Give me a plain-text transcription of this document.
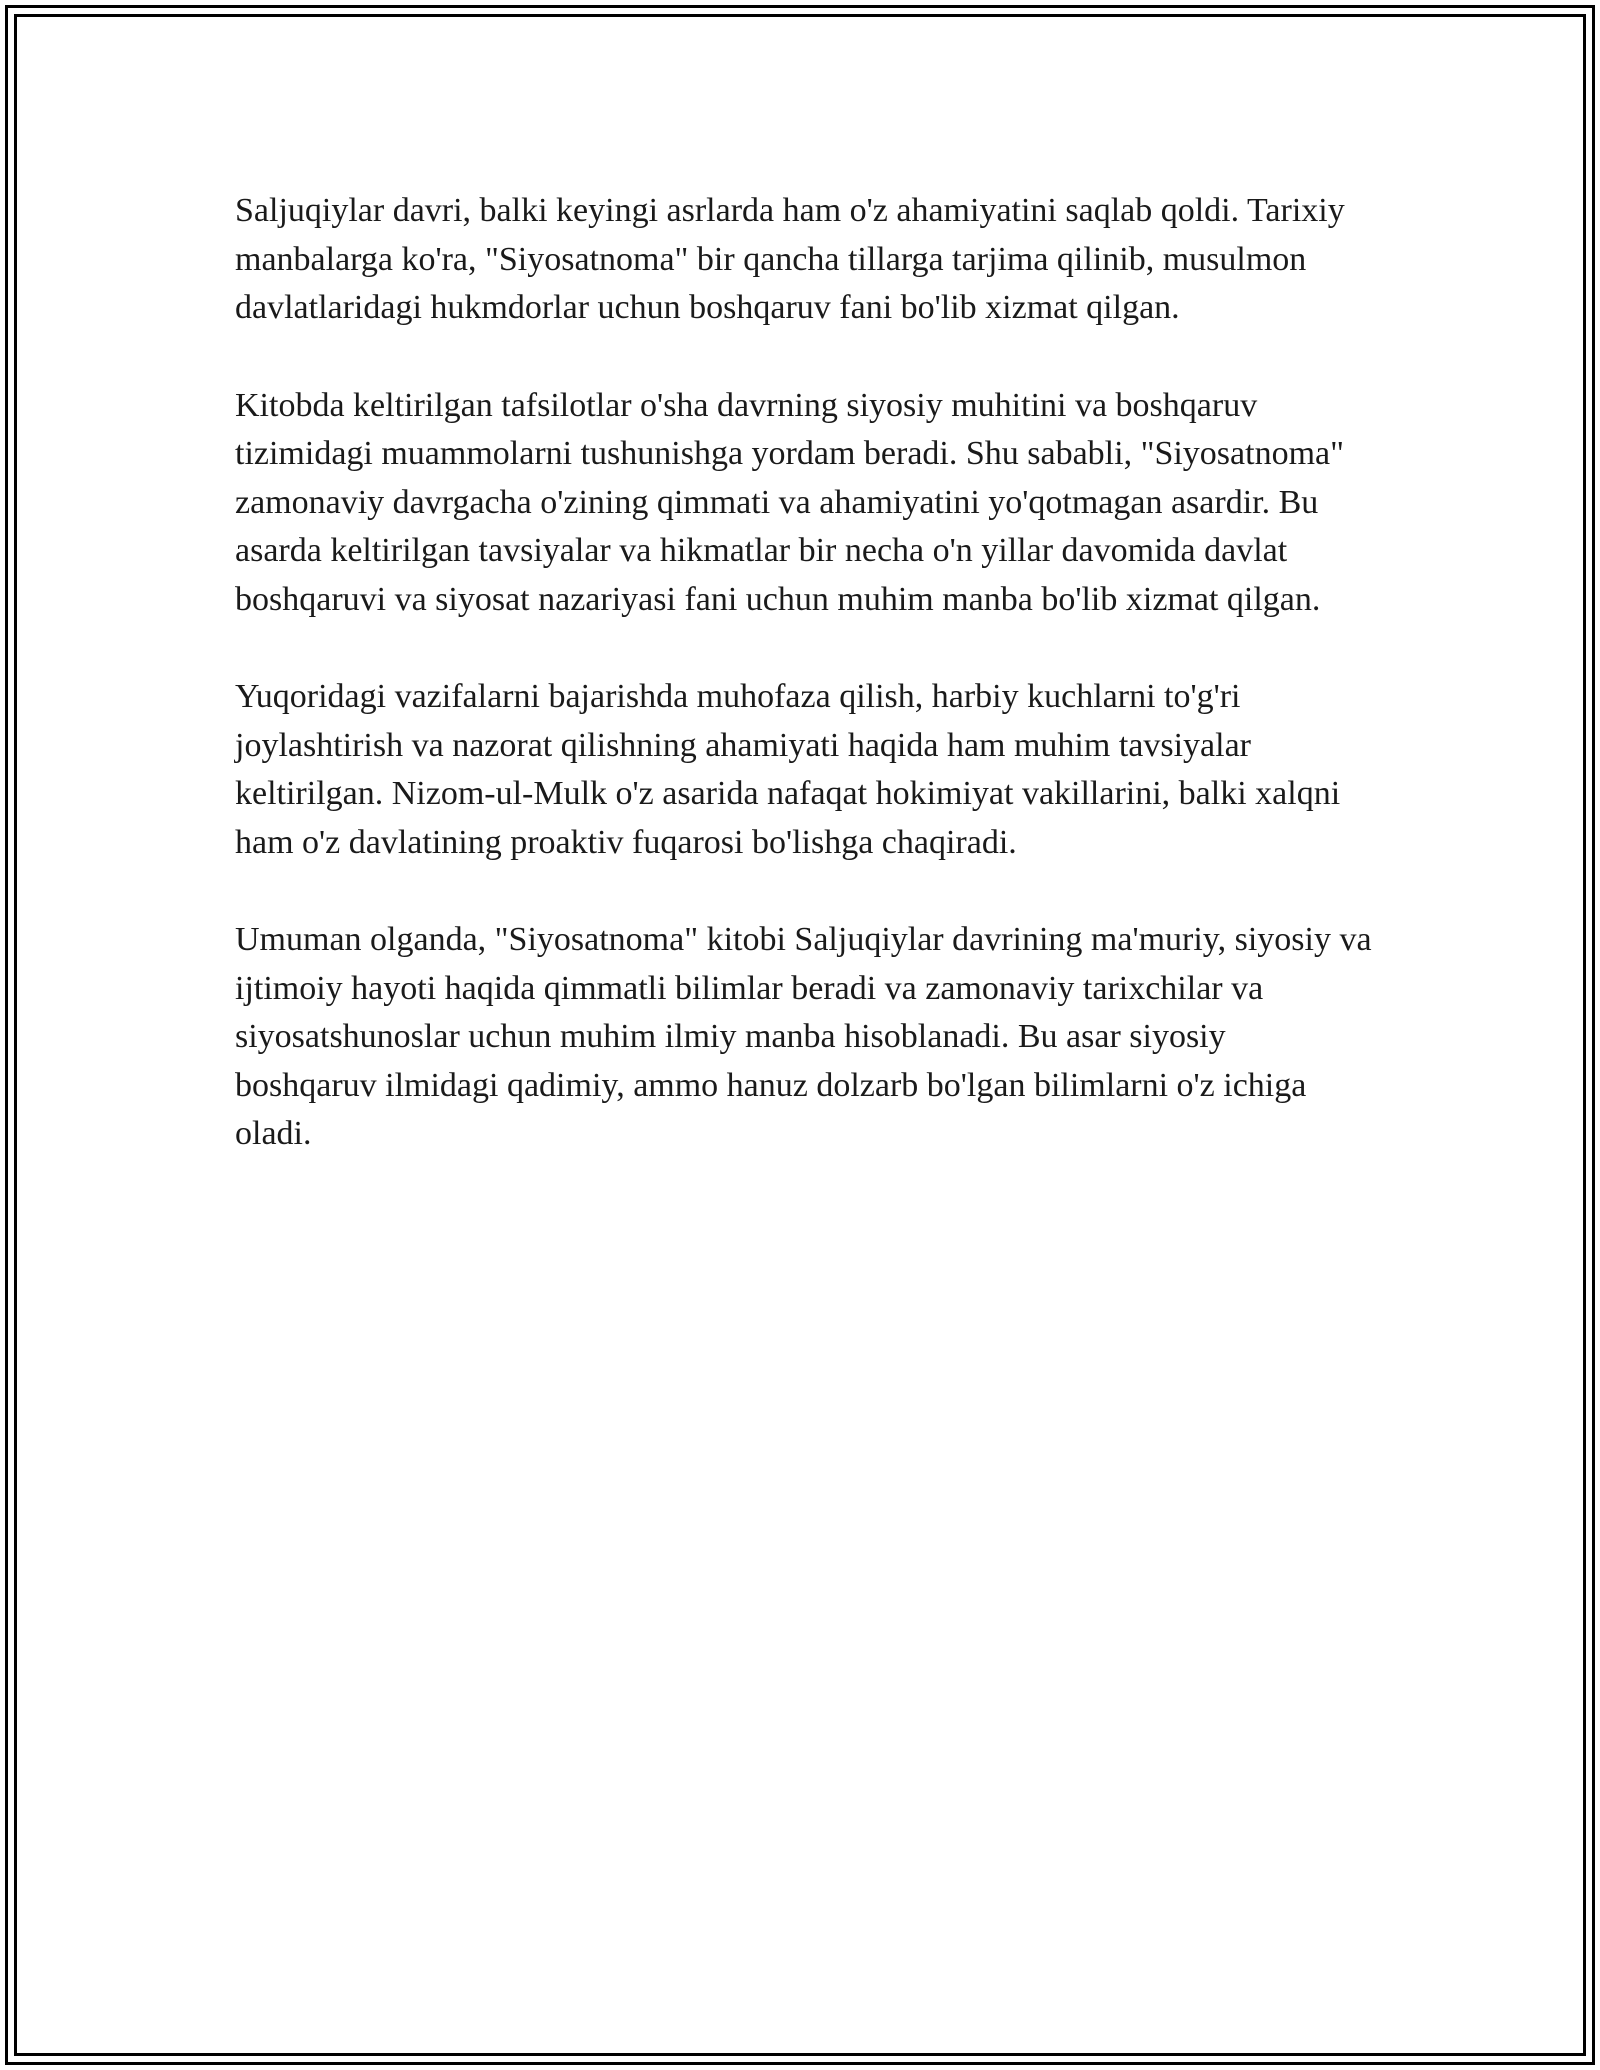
Saljuqiylar davri, balki keyingi asrlarda ham o'z ahamiyatini saqlab qoldi. Tarixiy manbalarga ko'ra, "Siyosatnoma" bir qancha tillarga tarjima qilinib, musulmon davlatlaridagi hukmdorlar uchun boshqaruv fani bo'lib xizmat qilgan.

Kitobda keltirilgan tafsilotlar o'sha davrning siyosiy muhitini va boshqaruv tizimidagi muammolarni tushunishga yordam beradi. Shu sababli, "Siyosatnoma" zamonaviy davrgacha o'zining qimmati va ahamiyatini yo'qotmagan asardir. Bu asarda keltirilgan tavsiyalar va hikmatlar bir necha o'n yillar davomida davlat boshqaruvi va siyosat nazariyasi fani uchun muhim manba bo'lib xizmat qilgan.

Yuqoridagi vazifalarni bajarishda muhofaza qilish, harbiy kuchlarni to'g'ri joylashtirish va nazorat qilishning ahamiyati haqida ham muhim tavsiyalar keltirilgan. Nizom-ul-Mulk o'z asarida nafaqat hokimiyat vakillarini, balki xalqni ham o'z davlatining proaktiv fuqarosi bo'lishga chaqiradi.

Umuman olganda, "Siyosatnoma" kitobi Saljuqiylar davrining ma'muriy, siyosiy va ijtimoiy hayoti haqida qimmatli bilimlar beradi va zamonaviy tarixchilar va siyosatshunoslar uchun muhim ilmiy manba hisoblanadi. Bu asar siyosiy boshqaruv ilmidagi qadimiy, ammo hanuz dolzarb bo'lgan bilimlarni o'z ichiga oladi.
